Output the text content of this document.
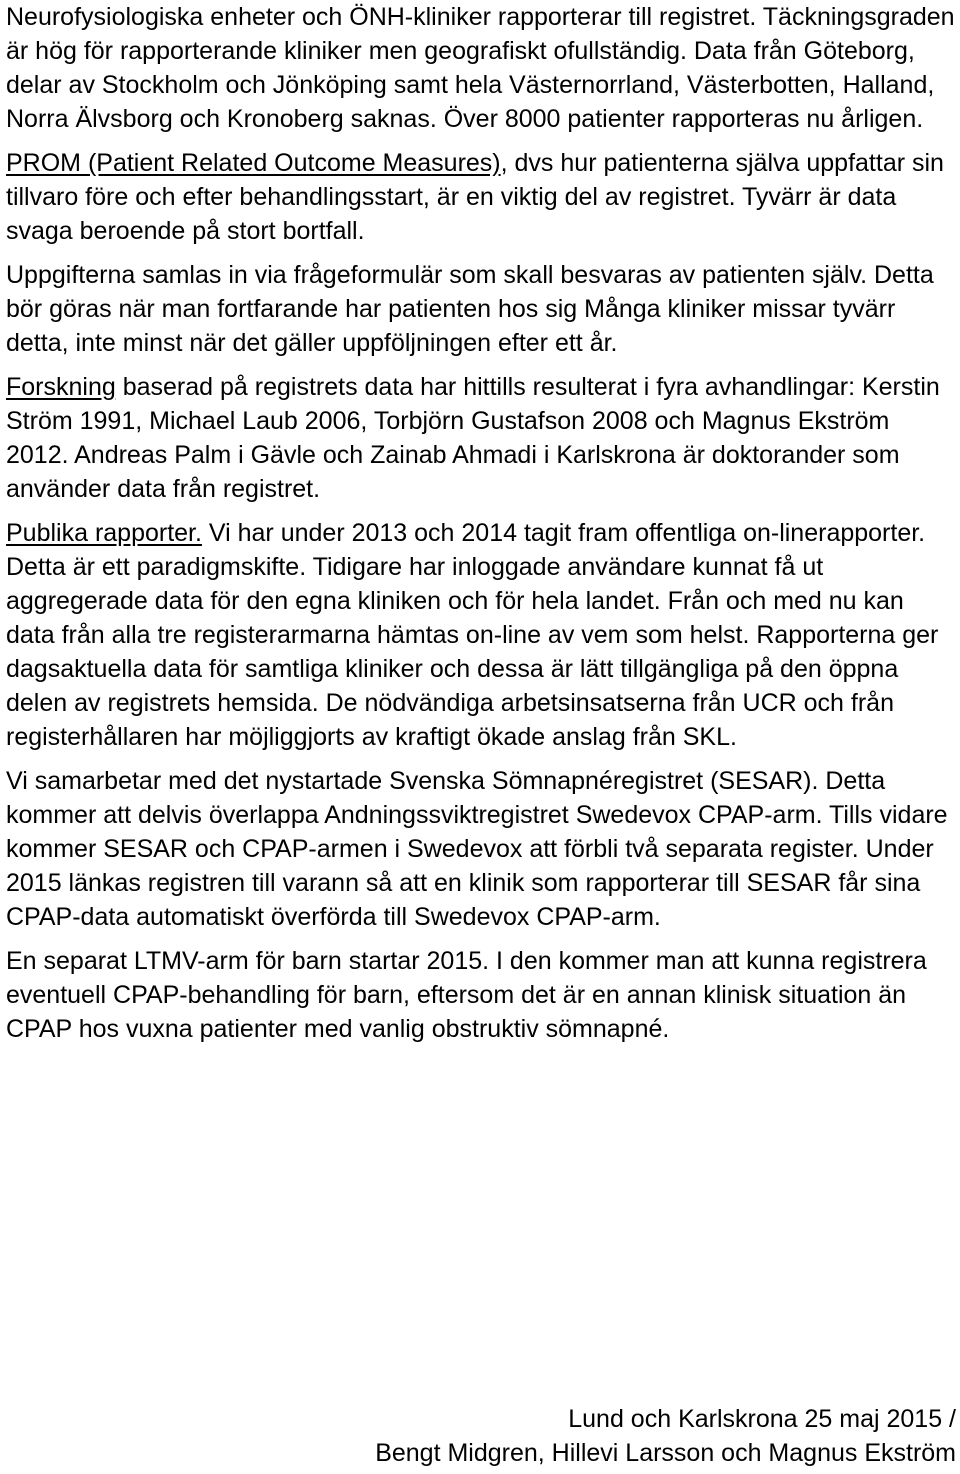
Neurofysiologiska enheter och ÖNH-kliniker rapporterar till registret. Täckningsgraden är hög för rapporterande kliniker men geografiskt ofullständig. Data från Göteborg, delar av Stockholm och Jönköping samt hela Västernorrland, Västerbotten, Halland, Norra Älvsborg och Kronoberg saknas. Över 8000 patienter rapporteras nu årligen.

PROM (Patient Related Outcome Measures), dvs hur patienterna själva uppfattar sin tillvaro före och efter behandlingsstart, är en viktig del av registret. Tyvärr är data svaga beroende på stort bortfall.

Uppgifterna samlas in via frågeformulär som skall besvaras av patienten själv. Detta bör göras när man fortfarande har patienten hos sig Många kliniker missar tyvärr detta, inte minst när det gäller uppföljningen efter ett år.

Forskning baserad på registrets data har hittills resulterat i fyra avhandlingar: Kerstin Ström 1991, Michael Laub 2006, Torbjörn Gustafson 2008 och Magnus Ekström 2012. Andreas Palm i Gävle och Zainab Ahmadi i Karlskrona är doktorander som använder data från registret.

Publika rapporter. Vi har under 2013 och 2014 tagit fram offentliga on-linerapporter. Detta är ett paradigmskifte. Tidigare har inloggade användare kunnat få ut aggregerade data för den egna kliniken och för hela landet. Från och med nu kan data från alla tre registerarmarna hämtas on-line av vem som helst. Rapporterna ger dagsaktuella data för samtliga kliniker och dessa är lätt tillgängliga på den öppna delen av registrets hemsida. De nödvändiga arbetsinsatserna från UCR och från registerhållaren har möjliggjorts av kraftigt ökade anslag från SKL.

Vi samarbetar med det nystartade Svenska Sömnapnéregistret (SESAR). Detta kommer att delvis överlappa Andningssviktregistret Swedevox CPAP-arm. Tills vidare kommer SESAR och CPAP-armen i Swedevox att förbli två separata register. Under 2015 länkas registren till varann så att en klinik som rapporterar till SESAR får sina CPAP-data automatiskt överförda till Swedevox CPAP-arm.

En separat LTMV-arm för barn startar 2015. I den kommer man att kunna registrera eventuell CPAP-behandling för barn, eftersom det är en annan klinisk situation än CPAP hos vuxna patienter med vanlig obstruktiv sömnapné.

Lund och Karlskrona 25 maj 2015 /
Bengt Midgren, Hillevi Larsson och Magnus Ekström
